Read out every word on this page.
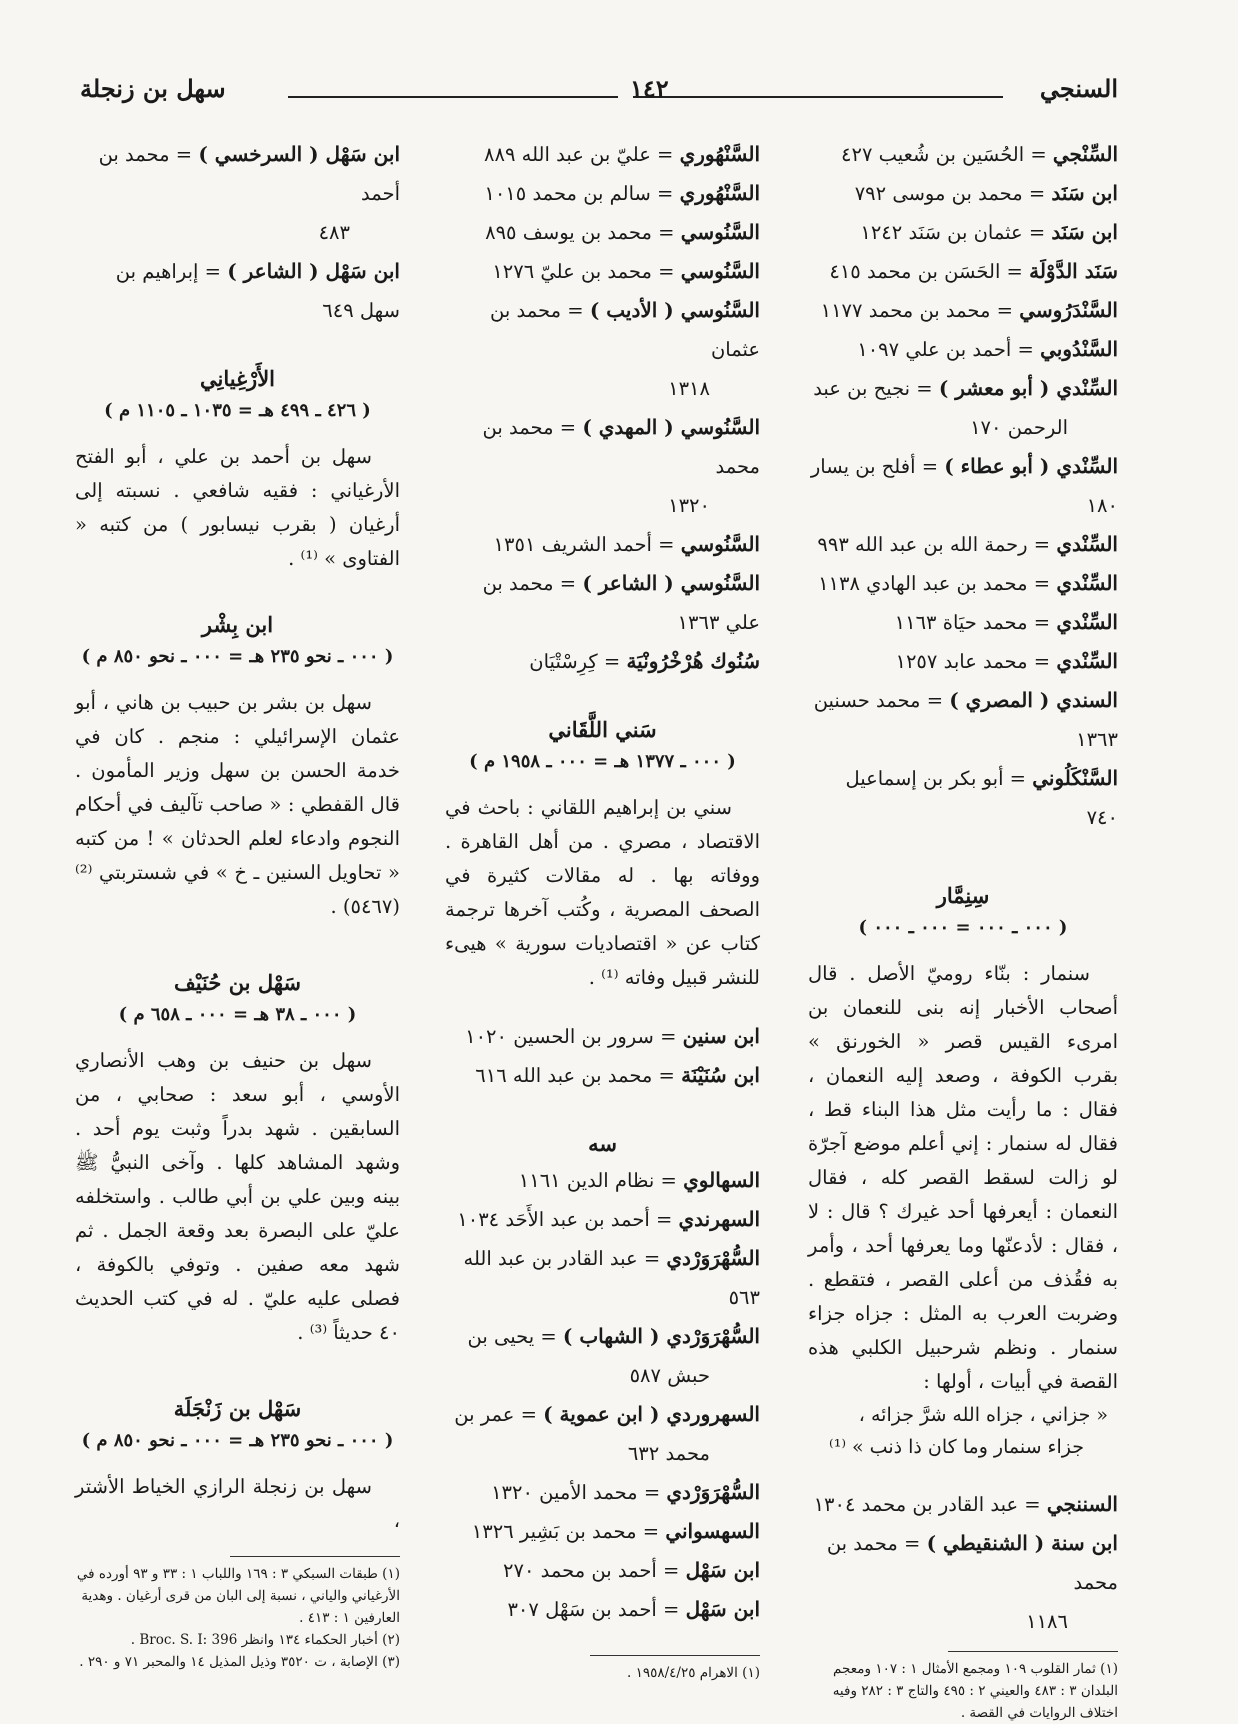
السنجي
١٤٢
سهل بن زنجلة
السِّنْجي = الحُسَين بن شُعيب ٤٢٧
ابن سَنَد = محمد بن موسى ٧٩٢
ابن سَنَد = عثمان بن سَنَد ١٢٤٢
سَنَد الدَّوْلَة = الحَسَن بن محمد ٤١٥
السَّنْدَرُوسي = محمد بن محمد ١١٧٧
السَّنْدُوبي = أحمد بن علي ١٠٩٧
السِّنْدي ( أبو معشر ) = نجيح بن عبد
الرحمن ١٧٠
السِّنْدي ( أبو عطاء ) = أفلح بن يسار ١٨٠
السِّنْدي = رحمة الله بن عبد الله ٩٩٣
السِّنْدي = محمد بن عبد الهادي ١١٣٨
السِّنْدي = محمد حيَاة ١١٦٣
السِّنْدي = محمد عابد ١٢٥٧
السندي ( المصري ) = محمد حسنين ١٣٦٣
السَّنْكَلُوني = أبو بكر بن إسماعيل ٧٤٠
سِنِمَّار
( ٠٠٠ ـ ٠٠٠ = ٠٠٠ ـ ٠٠٠ )

سنمار : بنّاء روميّ الأصل . قال أصحاب الأخبار إنه بنى للنعمان بن امرىء القيس قصر « الخورنق » بقرب الكوفة ، وصعد إليه النعمان ، فقال : ما رأيت مثل هذا البناء قط ، فقال له سنمار : إني أعلم موضع آجرّة لو زالت لسقط القصر كله ، فقال النعمان : أيعرفها أحد غيرك ؟ قال : لا ، فقال : لأدعنّها وما يعرفها أحد ، وأمر به فقُذف من أعلى القصر ، فتقطع . وضربت العرب به المثل : جزاه جزاء سنمار . ونظم شرحبيل الكلبي هذه القصة في أبيات ، أولها :

« جزاني ، جزاه الله شرَّ جزائه ،
جزاء سنمار وما كان ذا ذنب » ⁽¹⁾
السننجي = عبد القادر بن محمد ١٣٠٤
ابن سنة ( الشنقيطي ) = محمد بن محمد
١١٨٦
(١) ثمار القلوب ١٠٩ ومجمع الأمثال ١ : ١٠٧ ومعجم البلدان ٣ : ٤٨٣ والعيني ٢ : ٤٩٥ والتاج ٣ : ٢٨٢ وفيه اختلاف الروايات في القصة .
السَّنْهُوري = عليّ بن عبد الله ٨٨٩
السَّنْهُوري = سالم بن محمد ١٠١٥
السَّنُوسي = محمد بن يوسف ٨٩٥
السَّنُوسي = محمد بن عليّ ١٢٧٦
السَّنُوسي ( الأديب ) = محمد بن عثمان
١٣١٨
السَّنُوسي ( المهدي ) = محمد بن محمد
١٣٢٠
السَّنُوسي = أحمد الشريف ١٣٥١
السَّنُوسي ( الشاعر ) = محمد بن علي ١٣٦٣
سُنُوك هُرْخْرُونْيَة = كِرِسْتْيَان
سَني اللَّقَاني
( ٠٠٠ ـ ١٣٧٧ هـ = ٠٠٠ ـ ١٩٥٨ م )

سني بن إبراهيم اللقاني : باحث في الاقتصاد ، مصري . من أهل القاهرة . ووفاته بها . له مقالات كثيرة في الصحف المصرية ، وكُتب آخرها ترجمة كتاب عن « اقتصاديات سورية » هيىء للنشر قبيل وفاته ⁽¹⁾ .

ابن سنين = سرور بن الحسين ١٠٢٠
ابن سُنَيْنَة = محمد بن عبد الله ٦١٦
سه
السهالوي = نظام الدين ١١٦١
السهرندي = أحمد بن عبد الأَحَد ١٠٣٤
السُّهْرَوَرْدي = عبد القادر بن عبد الله ٥٦٣
السُّهْرَوَرْدي ( الشهاب ) = يحيى بن
حبش ٥٨٧
السهروردي ( ابن عموية ) = عمر بن
محمد ٦٣٢
السُّهْرَوَرْدي = محمد الأمين ١٣٢٠
السهسواني = محمد بن بَشِير ١٣٢٦
ابن سَهْل = أحمد بن محمد ٢٧٠
ابن سَهْل = أحمد بن سَهْل ٣٠٧
(١) الاهرام ١٩٥٨/٤/٢٥ .
ابن سَهْل ( السرخسي ) = محمد بن أحمد
٤٨٣
ابن سَهْل ( الشاعر ) = إبراهيم بن سهل ٦٤٩
الأَرْغِيانِي
( ٤٢٦ ـ ٤٩٩ هـ = ١٠٣٥ ـ ١١٠٥ م )

سهل بن أحمد بن علي ، أبو الفتح الأرغياني : فقيه شافعي . نسبته إلى أرغيان ( بقرب نيسابور ) من كتبه « الفتاوى » ⁽¹⁾ .

ابن بِشْر
( ٠٠٠ ـ نحو ٢٣٥ هـ = ٠٠٠ ـ نحو ٨٥٠ م )

سهل بن بشر بن حبيب بن هاني ، أبو عثمان الإسرائيلي : منجم . كان في خدمة الحسن بن سهل وزير المأمون . قال القفطي : « صاحب تآليف في أحكام النجوم وادعاء لعلم الحدثان » ! من كتبه « تحاويل السنين ـ خ » في شستربتي ⁽²⁾ (٥٤٦٧) .

سَهْل بن حُنَيْف
( ٠٠٠ ـ ٣٨ هـ = ٠٠٠ ـ ٦٥٨ م )

سهل بن حنيف بن وهب الأنصاري الأوسي ، أبو سعد : صحابي ، من السابقين . شهد بدراً وثبت يوم أحد . وشهد المشاهد كلها . وآخى النبيُّ ﷺ بينه وبين علي بن أبي طالب . واستخلفه عليّ على البصرة بعد وقعة الجمل . ثم شهد معه صفين . وتوفي بالكوفة ، فصلى عليه عليّ . له في كتب الحديث ٤٠ حديثاً ⁽³⁾ .

سَهْل بن زَنْجَلَة
( ٠٠٠ ـ نحو ٢٣٥ هـ = ٠٠٠ ـ نحو ٨٥٠ م )

سهل بن زنجلة الرازي الخياط الأشتر ،

(١) طبقات السبكي ٣ : ١٦٩ واللباب ١ : ٣٣ و ٩٣ أورده في الأرغياني والياني ، نسبة إلى البان من قرى أرغيان . وهدية العارفين ١ : ٤١٣ .
(٢) أخبار الحكماء ١٣٤ وانظر Broc. S. I: 396 .
(٣) الإصابة ، ت ٣٥٢٠ وذيل المذيل ١٤ والمحبر ٧١ و ٢٩٠ .
